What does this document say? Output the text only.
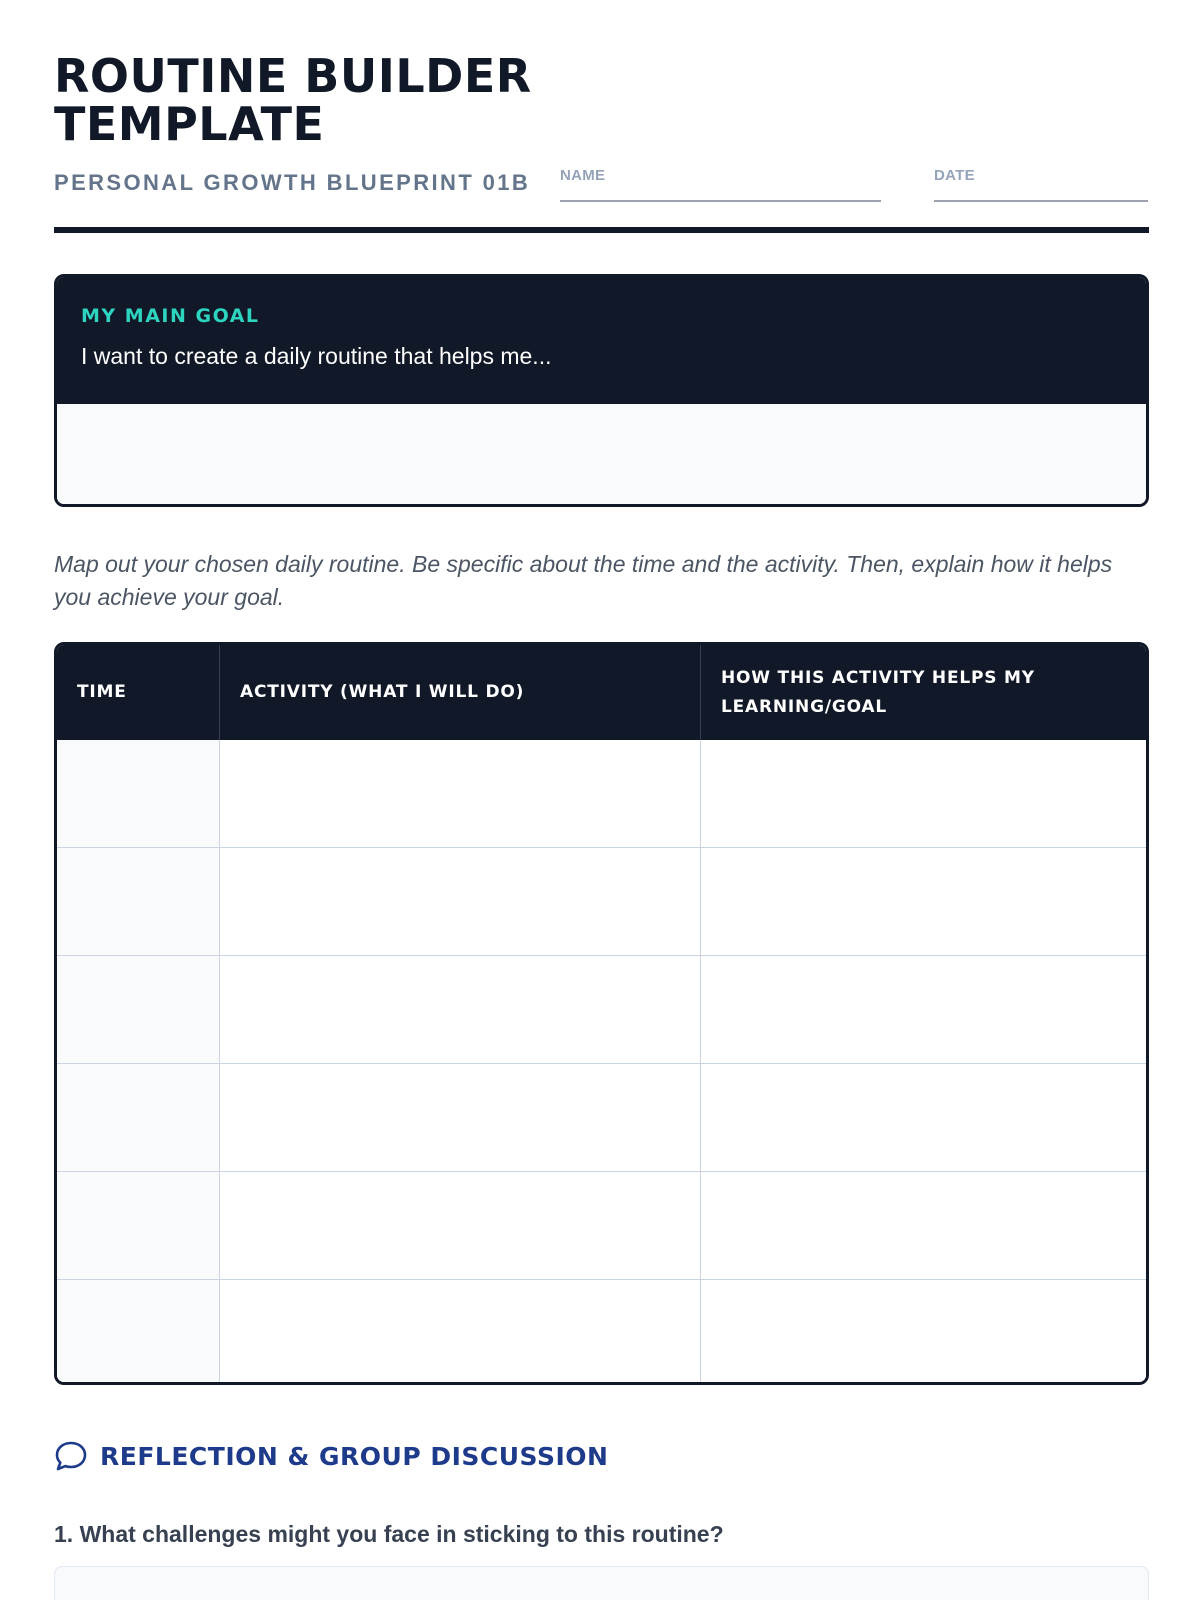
ROUTINE BUILDER
TEMPLATE
PERSONAL GROWTH BLUEPRINT 01B NAME	DATE
MY MAIN GOAL
I want to create a daily routine that helps me...

Map out your chosen daily routine. Be specific about the time and the activity. Then, explain how it helps you achieve your goal.

TIME	ACTIVITY (WHAT I WILL DO)
HOW THIS ACTIVITY HELPS MY LEARNING/GOAL
REFLECTION & GROUP DISCUSSION

1. What challenges might you face in sticking to this routine?
